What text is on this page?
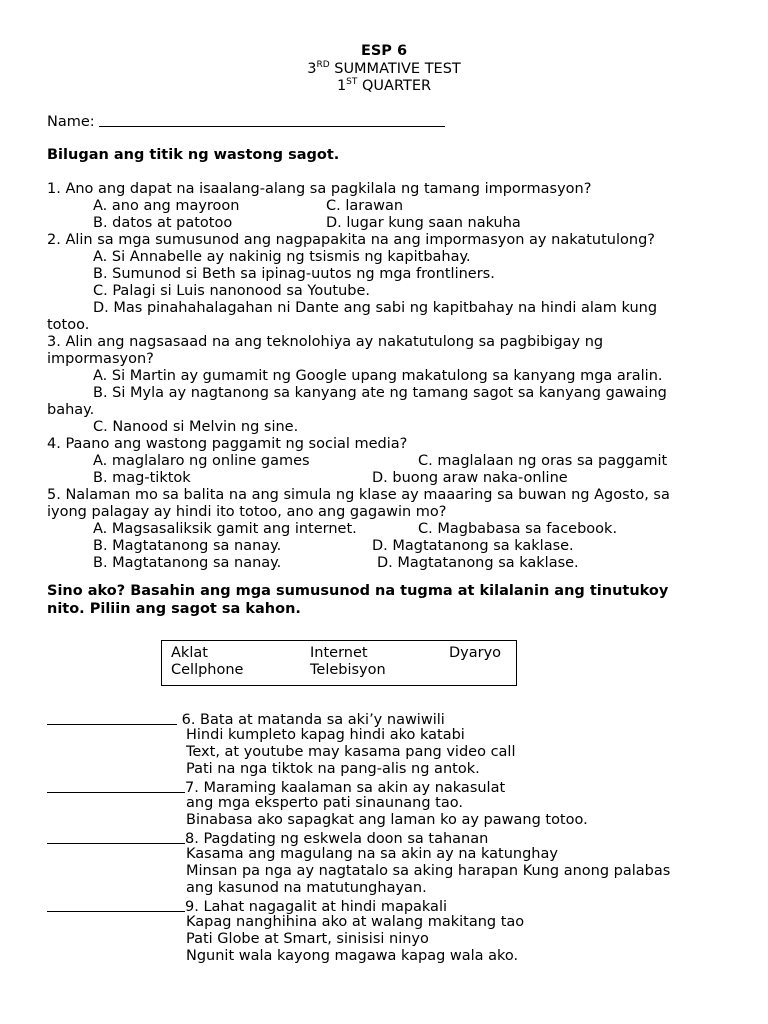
ESP 6
3RD SUMMATIVE TEST
1ST QUARTER
Name:
Bilugan ang titik ng wastong sagot.
1. Ano ang dapat na isaalang-alang sa pagkilala ng tamang impormasyon?
A. ano ang mayroon	C. larawan
B. datos at patotoo	D. lugar kung saan nakuha
2. Alin sa mga sumusunod ang nagpapakita na ang impormasyon ay nakatutulong?
A. Si Annabelle ay nakinig ng tsismis ng kapitbahay.
B. Sumunod si Beth sa ipinag-uutos ng mga frontliners.
C. Palagi si Luis nanonood sa Youtube.
D. Mas pinahahalagahan ni Dante ang sabi ng kapitbahay na hindi alam kung
totoo.
3. Alin ang nagsasaad na ang teknolohiya ay nakatutulong sa pagbibigay ng
impormasyon?
A. Si Martin ay gumamit ng Google upang makatulong sa kanyang mga aralin.
B. Si Myla ay nagtanong sa kanyang ate ng tamang sagot sa kanyang gawaing
bahay.
C. Nanood si Melvin ng sine.
4. Paano ang wastong paggamit ng social media?
A. maglalaro ng online games	C. maglalaan ng oras sa paggamit
B. mag-tiktok	D. buong araw naka-online
5. Nalaman mo sa balita na ang simula ng klase ay maaaring sa buwan ng Agosto, sa
iyong palagay ay hindi ito totoo, ano ang gagawin mo?
A. Magsasaliksik gamit ang internet.	C. Magbabasa sa facebook.
B. Magtatanong sa nanay.	D. Magtatanong sa kaklase.
B. Magtatanong sa nanay.	D. Magtatanong sa kaklase.
Sino ako? Basahin ang mga sumusunod na tugma at kilalanin ang tinutukoy
nito. Piliin ang sagot sa kahon.
Aklat	Internet	Dyaryo
Cellphone	Telebisyon
6. Bata at matanda sa aki’y nawiwili
Hindi kumpleto kapag hindi ako katabi
Text, at youtube may kasama pang video call
Pati na nga tiktok na pang-alis ng antok.
7. Maraming kaalaman sa akin ay nakasulat
ang mga eksperto pati sinaunang tao.
Binabasa ako sapagkat ang laman ko ay pawang totoo.
8. Pagdating ng eskwela doon sa tahanan
Kasama ang magulang na sa akin ay na katunghay
Minsan pa nga ay nagtatalo sa aking harapan Kung anong palabas
ang kasunod na matutunghayan.
9. Lahat nagagalit at hindi mapakali
Kapag nanghihina ako at walang makitang tao
Pati Globe at Smart, sinisisi ninyo
Ngunit wala kayong magawa kapag wala ako.
